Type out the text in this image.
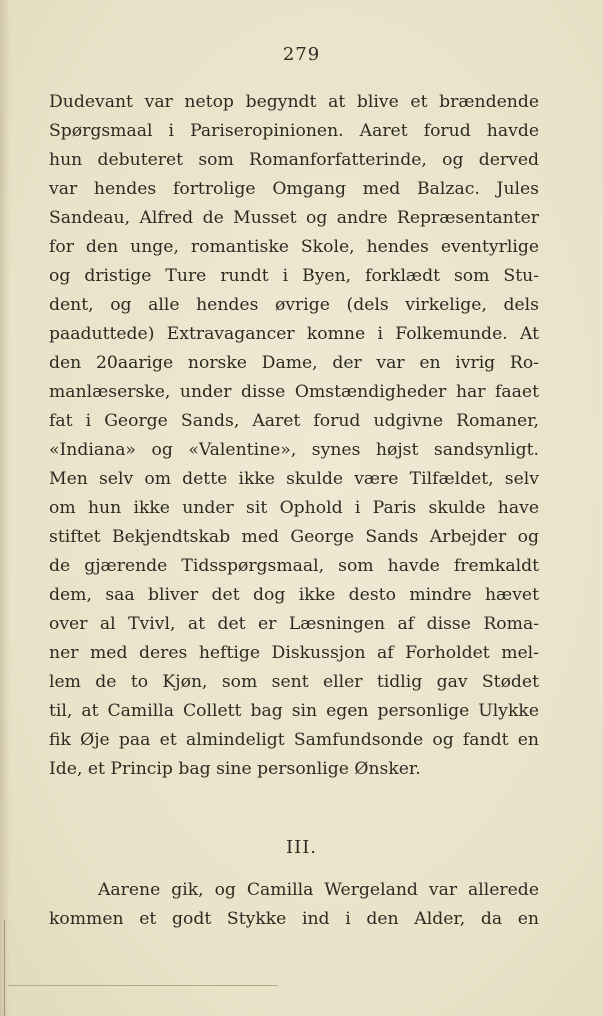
279
Dudevant var netop begyndt at blive et brændende
Spørgsmaal i Pariseropinionen. Aaret forud havde
hun debuteret som Romanforfatterinde, og derved
var hendes fortrolige Omgang med Balzac. Jules
Sandeau, Alfred de Musset og andre Repræsentanter
for den unge, romantiske Skole, hendes eventyrlige
og dristige Ture rundt i Byen, forklædt som Stu-
dent, og alle hendes øvrige (dels virkelige, dels
paaduttede) Extravagancer komne i Folkemunde. At
den 20aarige norske Dame, der var en ivrig Ro-
manlæserske, under disse Omstændigheder har faaet
fat i George Sands, Aaret forud udgivne Romaner,
«Indiana» og «Valentine», synes højst sandsynligt.
Men selv om dette ikke skulde være Tilfældet, selv
om hun ikke under sit Ophold i Paris skulde have
stiftet Bekjendtskab med George Sands Arbejder og
de gjærende Tidsspørgsmaal, som havde fremkaldt
dem, saa bliver det dog ikke desto mindre hævet
over al Tvivl, at det er Læsningen af disse Roma-
ner med deres heftige Diskussjon af Forholdet mel-
lem de to Kjøn, som sent eller tidlig gav Stødet
til, at Camilla Collett bag sin egen personlige Ulykke
fik Øje paa et almindeligt Samfundsonde og fandt en
Ide, et Princip bag sine personlige Ønsker.
III.
Aarene gik, og Camilla Wergeland var allerede
kommen et godt Stykke ind i den Alder, da en
